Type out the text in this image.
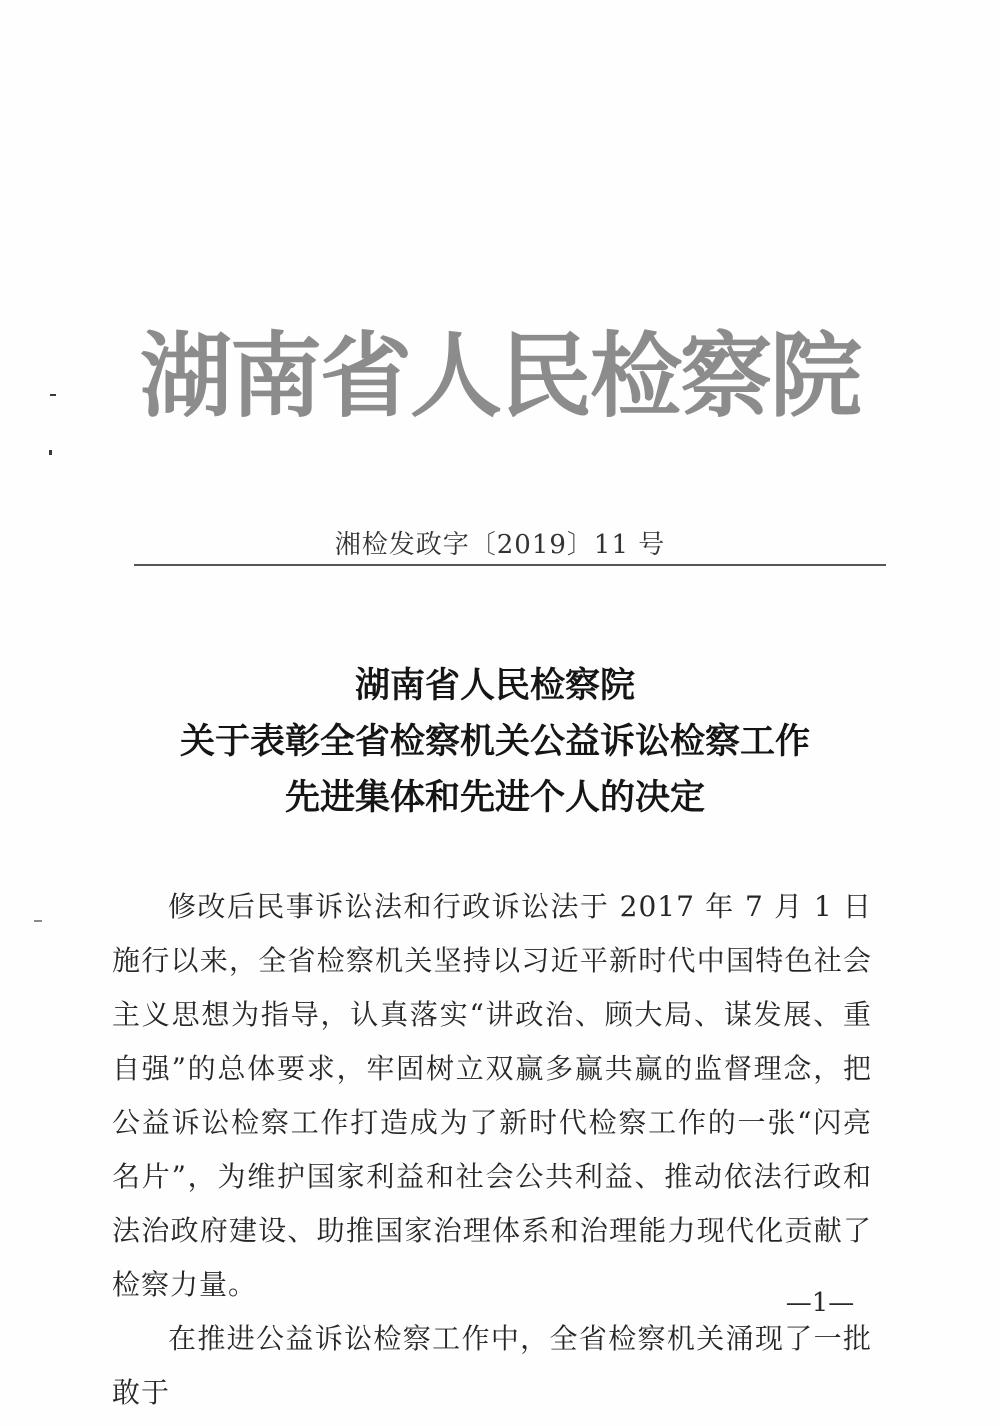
湖南省人民检察院
湘检发政字〔2019〕11 号
湖南省人民检察院
关于表彰全省检察机关公益诉讼检察工作
先进集体和先进个人的决定

修改后民事诉讼法和行政诉讼法于 2017 年 7 月 1 日施行以来，全省检察机关坚持以习近平新时代中国特色社会主义思想为指导，认真落实“讲政治、顾大局、谋发展、重自强”的总体要求，牢固树立双赢多赢共赢的监督理念，把公益诉讼检察工作打造成为了新时代检察工作的一张“闪亮名片”，为维护国家利益和社会公共利益、推动依法行政和法治政府建设、助推国家治理体系和治理能力现代化贡献了检察力量。

在推进公益诉讼检察工作中，全省检察机关涌现了一批敢于

—1—
